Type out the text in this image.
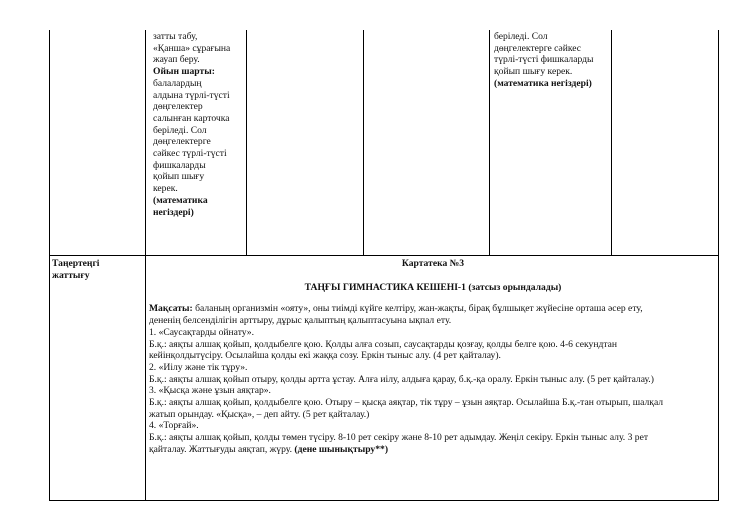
затты табу,

«Қанша» сұрағына

жауап беру.

Ойын шарты:

балалардың

алдына түрлі-түсті

дөңгелектер

салынған карточка

беріледі. Сол

дөңгелектерге

сәйкес түрлі-түсті

фишкаларды

қойып шығу

керек.

(математика

негіздері)

беріледі. Сол

дөңгелектерге сәйкес

түрлі-түсті фишкаларды

қойып шығу керек.

(математика негіздері)

Таңертеңгі

жаттығу

Картатека №3

ТАҢҒЫ ГИМНАСТИКА КЕШЕНІ-1 (затсыз орындалады)

Мақсаты: баланың организмін «ояту», оны тиімді күйге келтіру, жан-жақты, бірақ бұлшықет жүйесіне орташа әсер ету,

дененің белсенділігін арттыру, дұрыс қалыптың қалыптасуына ықпал ету.

1. «Саусақтарды ойнату».

Б.қ.: аяқты алшақ қойып, қолдыбелге қою. Қолды алға созып, саусақтарды қозғау, қолды белге қою. 4-6 секундтан

кейінқолдытүсіру. Осылайша қолды екі жаққа созу. Еркін тыныс алу. (4 рет қайталау).

2. «Иілу және тік тұру».

Б.қ.: аяқты алшақ қойып отыру, қолды артта ұстау. Алға иілу, алдыға қарау, б.қ.-қа оралу. Еркін тыныс алу. (5 рет қайталау.)

3. «Қысқа және ұзын аяқтар».

Б.қ.: аяқты алшақ қойып, қолдыбелге қою. Отыру – қысқа аяқтар, тік тұру – ұзын аяқтар. Осылайша Б.қ.-тан отырып, шалқал

жатып орындау. «Қысқа», – деп айту. (5 рет қайталау.)

4. «Торғай».

Б.қ.: аяқты алшақ қойып, қолды төмен түсіру. 8-10 рет секіру және 8-10 рет адымдау. Жеңіл секіру. Еркін тыныс алу. 3 рет

қайталау. Жаттығуды аяқтап, жүру. (дене шынықтыру**)
